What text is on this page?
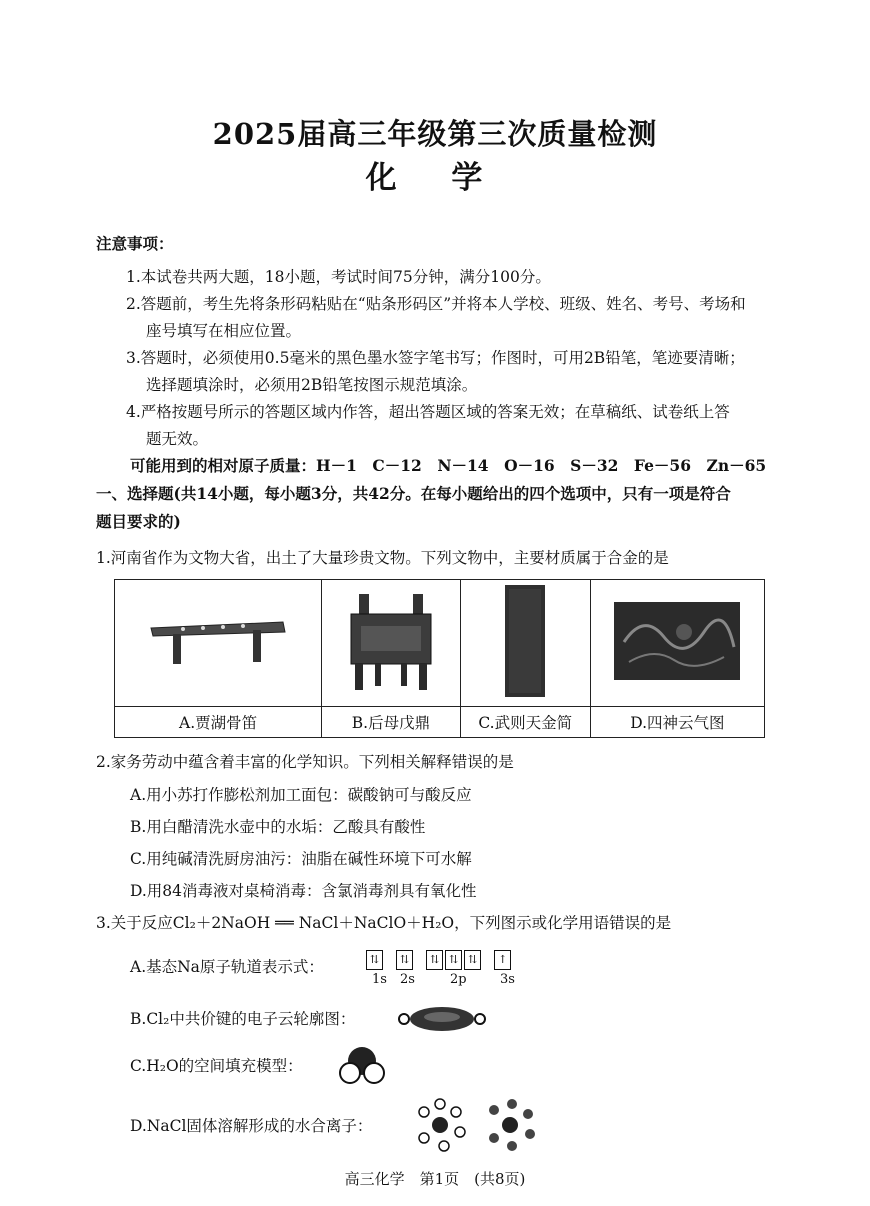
2025届高三年级第三次质量检测
化 学
注意事项：
1.本试卷共两大题，18小题，考试时间75分钟，满分100分。
2.答题前，考生先将条形码粘贴在“贴条形码区”并将本人学校、班级、姓名、考号、考场和
座号填写在相应位置。
3.答题时，必须使用0.5毫米的黑色墨水签字笔书写；作图时，可用2B铅笔，笔迹要清晰；
选择题填涂时，必须用2B铅笔按图示规范填涂。
4.严格按题号所示的答题区域内作答，超出答题区域的答案无效；在草稿纸、试卷纸上答
题无效。
可能用到的相对原子质量：H－1　C－12　N－14　O－16　S－32　Fe－56　Zn－65
一、选择题(共14小题，每小题3分，共42分。在每小题给出的四个选项中，只有一项是符合
题目要求的)
1.河南省作为文物大省，出土了大量珍贵文物。下列文物中，主要材质属于合金的是

A.贾湖骨笛	B.后母戊鼎	C.武则天金简	D.四神云气图
2.家务劳动中蕴含着丰富的化学知识。下列相关解释错误的是
A.用小苏打作膨松剂加工面包：碳酸钠可与酸反应
B.用白醋清洗水壶中的水垢：乙酸具有酸性
C.用纯碱清洗厨房油污：油脂在碱性环境下可水解
D.用84消毒液对桌椅消毒：含氯消毒剂具有氧化性
3.关于反应Cl₂＋2NaOH ══ NaCl＋NaClO＋H₂O，下列图示或化学用语错误的是
A.基态Na原子轨道表示式：	⇅ ⇅ ⇅ ⇅ ⇅ ↑
1s 2s	2p	3s
B.Cl₂中共价键的电子云轮廓图：
C.H₂O的空间填充模型：
D.NaCl固体溶解形成的水合离子：
高三化学　第1页　(共8页)
